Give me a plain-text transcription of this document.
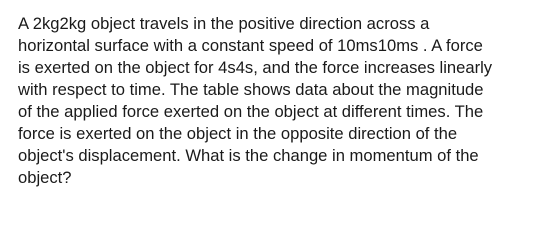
A 2kg2kg object travels in the positive direction across a
horizontal surface with a constant speed of 10ms10ms . A force
is exerted on the object for 4s4s, and the force increases linearly
with respect to time. The table shows data about the magnitude
of the applied force exerted on the object at different times. The
force is exerted on the object in the opposite direction of the
object's displacement. What is the change in momentum of the
object?
